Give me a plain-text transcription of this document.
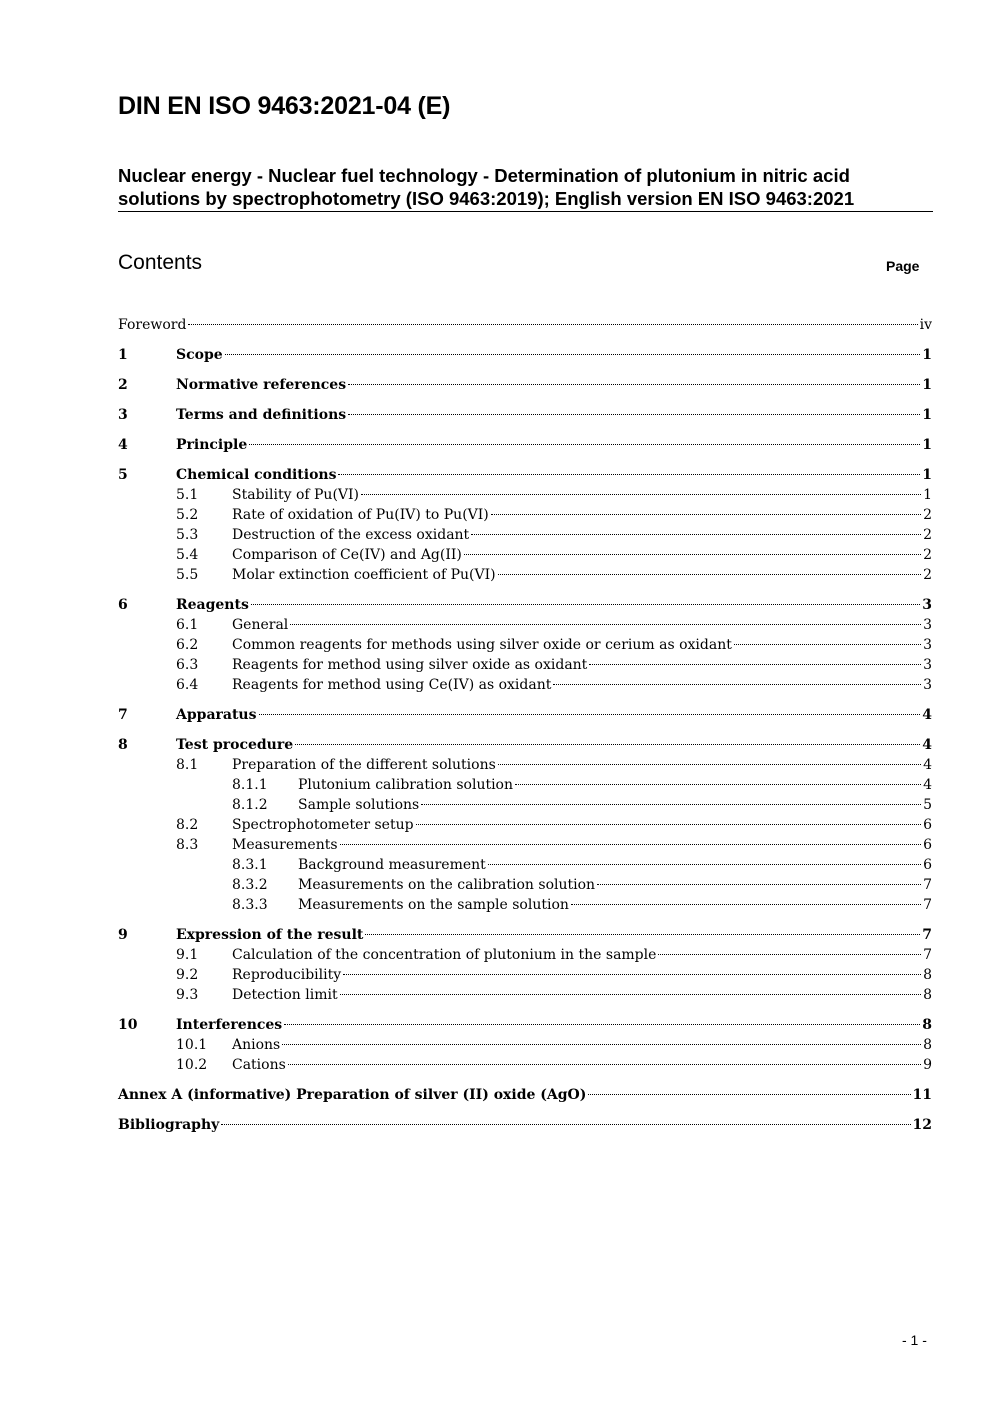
DIN EN ISO 9463:2021-04 (E)
Nuclear energy - Nuclear fuel technology - Determination of plutonium in nitric acid
solutions by spectrophotometry (ISO 9463:2019); English version EN ISO 9463:2021
Contents	Page
Foreword	iv
1	Scope	1
2	Normative references	1
3	Terms and definitions	1
4	Principle	1
5	Chemical conditions	1
5.1	Stability of Pu(VI)	1
5.2	Rate of oxidation of Pu(IV) to Pu(VI)	2
5.3	Destruction of the excess oxidant	2
5.4	Comparison of Ce(IV) and Ag(II)	2
5.5	Molar extinction coefficient of Pu(VI)	2
6	Reagents	3
6.1	General	3
6.2	Common reagents for methods using silver oxide or cerium as oxidant	3
6.3	Reagents for method using silver oxide as oxidant	3
6.4	Reagents for method using Ce(IV) as oxidant	3
7	Apparatus	4
8	Test procedure	4
8.1	Preparation of the different solutions	4
8.1.1	Plutonium calibration solution	4
8.1.2	Sample solutions	5
8.2	Spectrophotometer setup	6
8.3	Measurements	6
8.3.1	Background measurement	6
8.3.2	Measurements on the calibration solution	7
8.3.3	Measurements on the sample solution	7
9	Expression of the result	7
9.1	Calculation of the concentration of plutonium in the sample	7
9.2	Reproducibility	8
9.3	Detection limit	8
10	Interferences	8
10.1	Anions	8
10.2	Cations	9
Annex A (informative) Preparation of silver (II) oxide (AgO)	11
Bibliography	12
- 1 -
